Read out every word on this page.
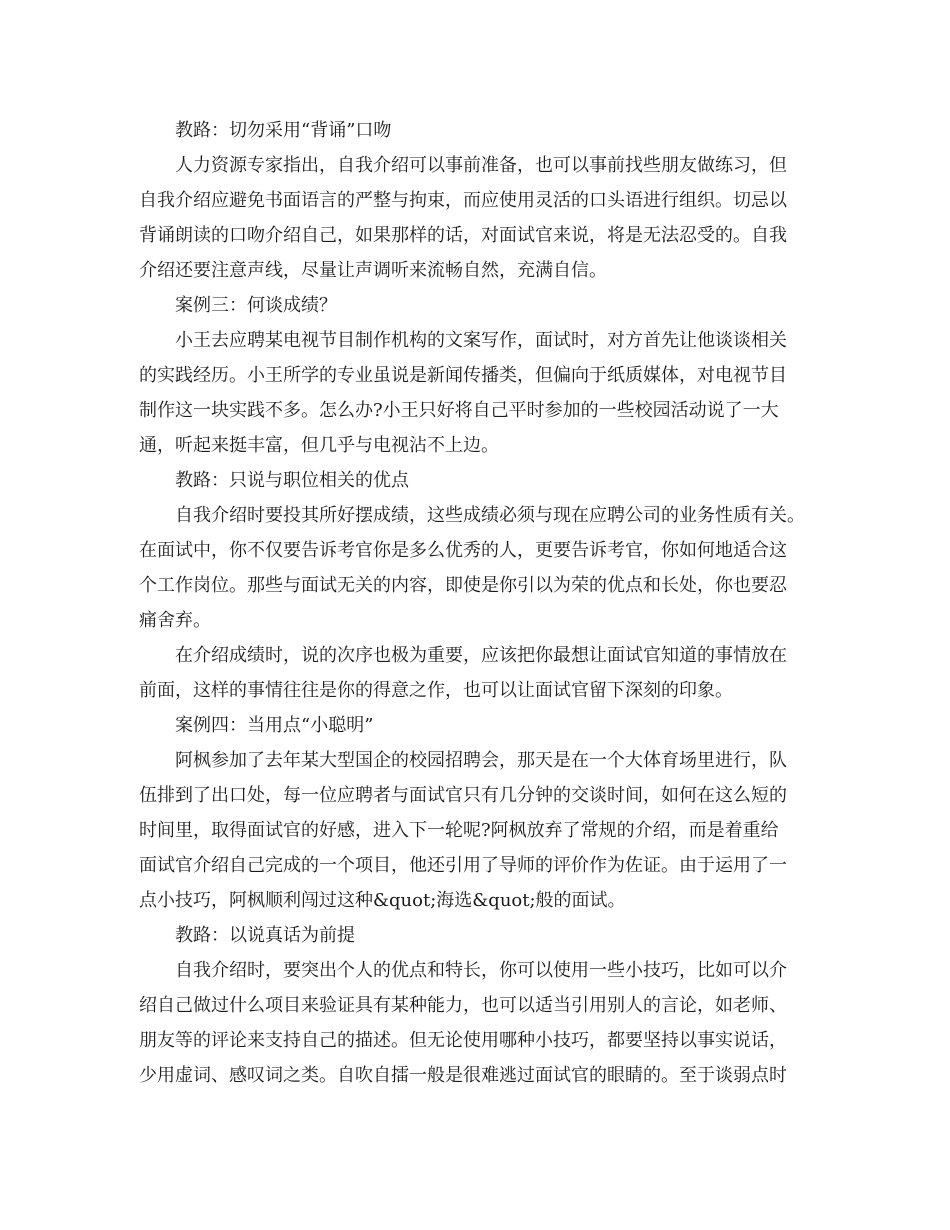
教路：切勿采用“背诵”口吻

人力资源专家指出，自我介绍可以事前准备，也可以事前找些朋友做练习，但
自我介绍应避免书面语言的严整与拘束，而应使用灵活的口头语进行组织。切忌以
背诵朗读的口吻介绍自己，如果那样的话，对面试官来说，将是无法忍受的。自我
介绍还要注意声线，尽量让声调听来流畅自然，充满自信。

案例三：何谈成绩？

小王去应聘某电视节目制作机构的文案写作，面试时，对方首先让他谈谈相关
的实践经历。小王所学的专业虽说是新闻传播类，但偏向于纸质媒体，对电视节目
制作这一块实践不多。怎么办?小王只好将自己平时参加的一些校园活动说了一大
通，听起来挺丰富，但几乎与电视沾不上边。

教路：只说与职位相关的优点

自我介绍时要投其所好摆成绩，这些成绩必须与现在应聘公司的业务性质有关。
在面试中，你不仅要告诉考官你是多么优秀的人，更要告诉考官，你如何地适合这
个工作岗位。那些与面试无关的内容，即使是你引以为荣的优点和长处，你也要忍
痛舍弃。

在介绍成绩时，说的次序也极为重要，应该把你最想让面试官知道的事情放在
前面，这样的事情往往是你的得意之作，也可以让面试官留下深刻的印象。

案例四：当用点“小聪明”

阿枫参加了去年某大型国企的校园招聘会，那天是在一个大体育场里进行，队
伍排到了出口处，每一位应聘者与面试官只有几分钟的交谈时间，如何在这么短的
时间里，取得面试官的好感，进入下一轮呢?阿枫放弃了常规的介绍，而是着重给
面试官介绍自己完成的一个项目，他还引用了导师的评价作为佐证。由于运用了一
点小技巧，阿枫顺利闯过这种&quot;海选&quot;般的面试。

教路：以说真话为前提

自我介绍时，要突出个人的优点和特长，你可以使用一些小技巧，比如可以介
绍自己做过什么项目来验证具有某种能力，也可以适当引用别人的言论，如老师、
朋友等的评论来支持自己的描述。但无论使用哪种小技巧，都要坚持以事实说话，
少用虚词、感叹词之类。自吹自擂一般是很难逃过面试官的眼睛的。至于谈弱点时
